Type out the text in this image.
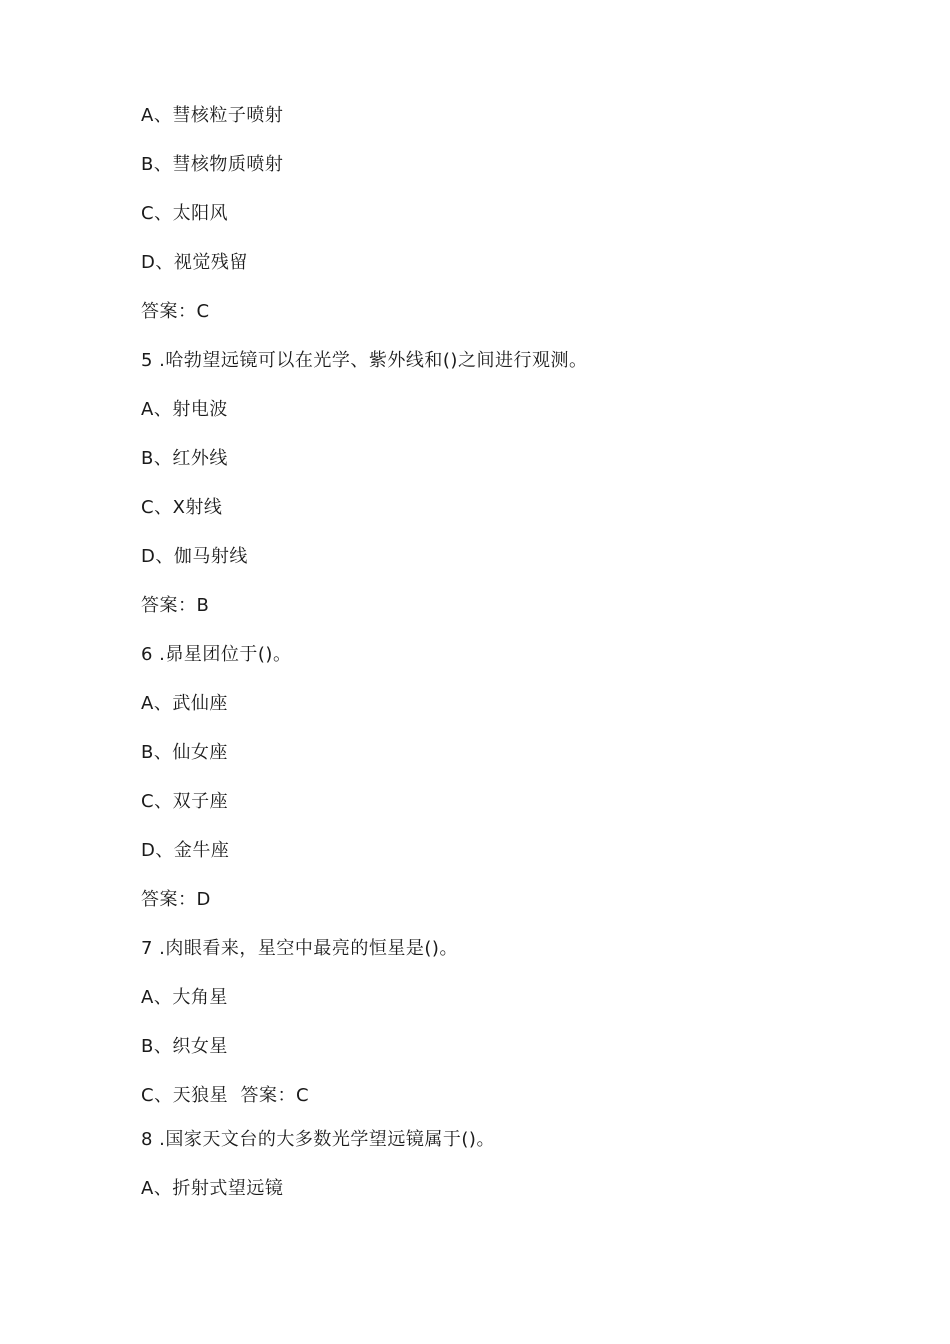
A、彗核粒子喷射
B、彗核物质喷射
C、太阳风
D、视觉残留
答案：C
5 .哈勃望远镜可以在光学、紫外线和()之间进行观测。
A、射电波
B、红外线
C、X射线
D、伽马射线
答案：B
6 .昴星团位于()。
A、武仙座
B、仙女座
C、双子座
D、金牛座
答案：D
7 .肉眼看来，星空中最亮的恒星是()。
A、大角星
B、织女星
C、天狼星  答案：C
8 .国家天文台的大多数光学望远镜属于()。
A、折射式望远镜
